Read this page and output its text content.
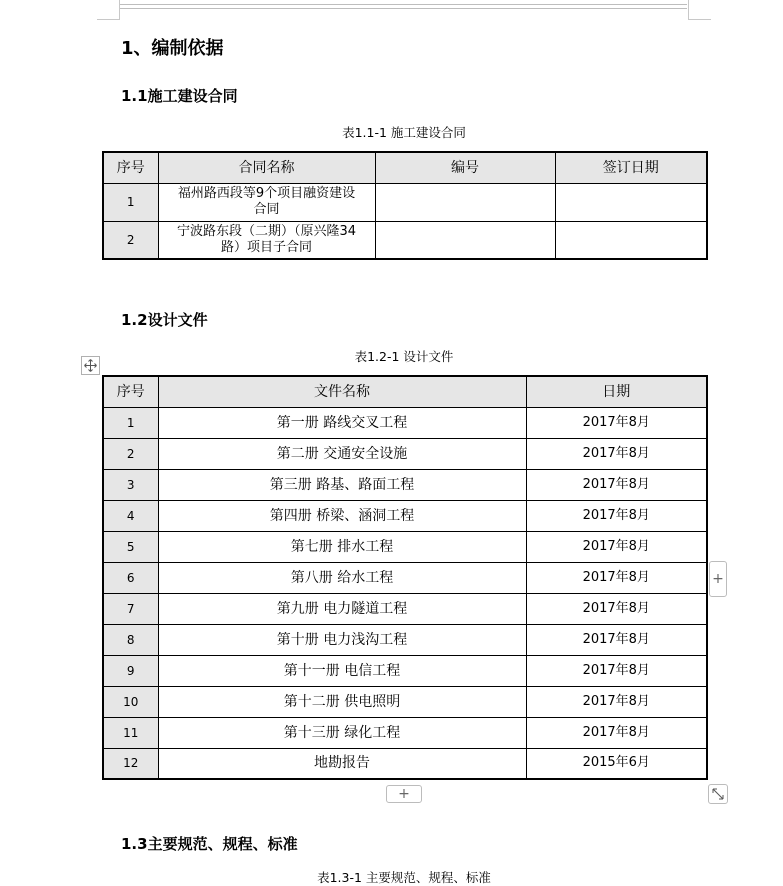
1、编制依据
1.1施工建设合同
表1.1-1 施工建设合同
序号	合同名称	编号	签订日期
1	福州路西段等9个项目融资建设
合同		

2	宁波路东段（二期）（原兴隆34
路）项目子合同		

1.2设计文件
表1.2-1 设计文件
序号	文件名称	日期
1	第一册 路线交叉工程	2017年8月
2	第二册 交通安全设施	2017年8月
3	第三册 路基、路面工程	2017年8月
4	第四册 桥梁、涵洞工程	2017年8月
5	第七册 排水工程	2017年8月
6	第八册 给水工程	2017年8月
7	第九册 电力隧道工程	2017年8月
8	第十册 电力浅沟工程	2017年8月
9	第十一册 电信工程	2017年8月
10	第十二册 供电照明	2017年8月
11	第十三册 绿化工程	2017年8月
12	地勘报告	2015年6月
+
+
1.3主要规范、规程、标准
表1.3-1 主要规范、规程、标准
